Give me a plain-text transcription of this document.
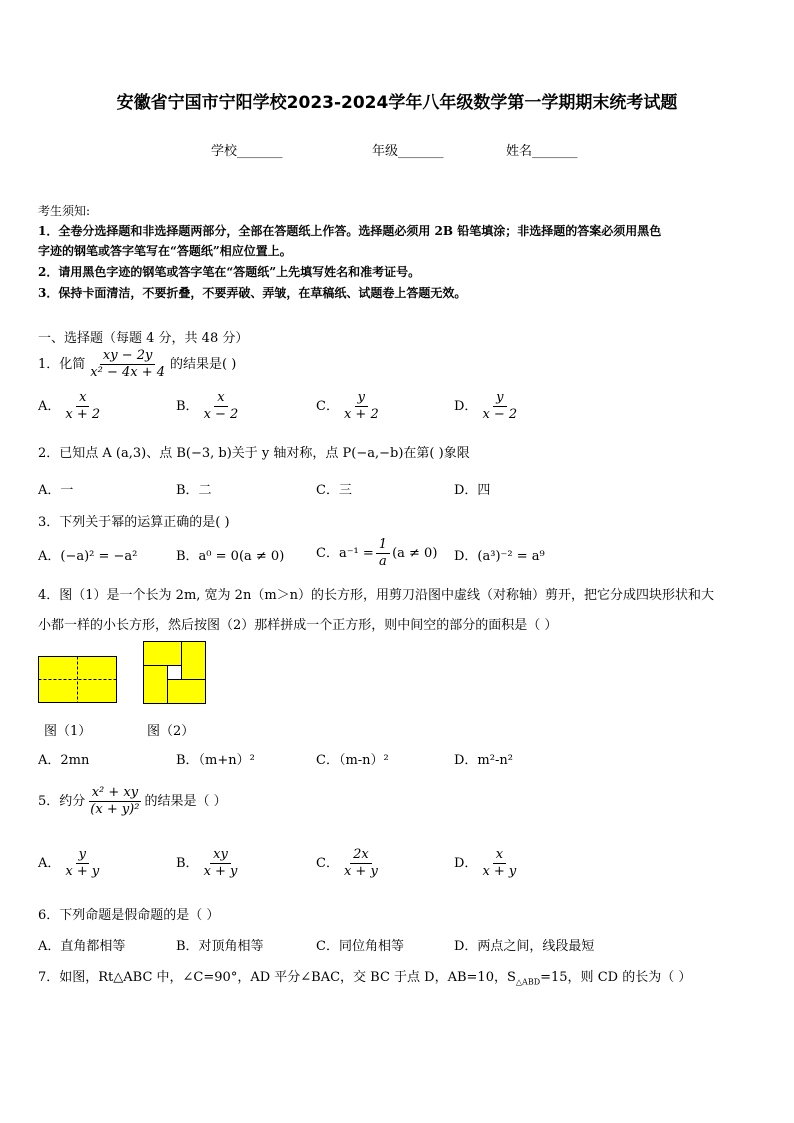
安徽省宁国市宁阳学校2023-2024学年八年级数学第一学期期末统考试题
学校_______	年级_______	姓名_______
考生须知:
1．全卷分选择题和非选择题两部分，全部在答题纸上作答。选择题必须用 2B 铅笔填涂；非选择题的答案必须用黑色
字迹的钢笔或答字笔写在“答题纸”相应位置上。
2．请用黑色字迹的钢笔或答字笔在“答题纸”上先填写姓名和准考证号。
3．保持卡面清洁，不要折叠，不要弄破、弄皱，在草稿纸、试题卷上答题无效。
一、选择题（每题 4 分，共 48 分）
1．化简 $\frac{xy - 2y}{\text{x² − 4x + 4}}$ 的结果是( )
A． $\frac{x}{x + 2}$	B． $\frac{x}{x - 2}$	C． $\frac{y}{x + 2}$	D． $\frac{y}{x - 2}$
2．已知点 A (a,3)、点 B(−3, b)关于 y 轴对称，点 P(−a,−b)在第( )象限
A．一	B．二	C．三	D．四
3．下列关于幂的运算正确的是( )
A．(−a)² = −a²	B．a⁰ = 0(a ≠ 0) C．$a^{-1} = \frac{1}{a} (a \ne 0)$ D．(a³)⁻² = a⁹
4．图（1）是一个长为 2m, 宽为 2n（m＞n）的长方形，用剪刀沿图中虚线（对称轴）剪开，把它分成四块形状和大
小都一样的小长方形，然后按图（2）那样拼成一个正方形，则中间空的部分的面积是（ ）
图（1）	图（2）
A．2mn	B．（m+n）²	C．（m-n）²	D．m²-n²
5．约分 $\frac{\text{x² + xy}}{\text{(x + y)²}}$ 的结果是（ ）
A． $\frac{y}{x + y}$	B． $\frac{xy}{x + y}$	C． $\frac{2x}{x + y}$	D． $\frac{x}{x + y}$
6．下列命题是假命题的是（ ）
A．直角都相等	B．对顶角相等	C．同位角相等	D．两点之间，线段最短
7．如图，Rt△ABC 中，∠C=90°，AD 平分∠BAC，交 BC 于点 D，AB=10，$S_{\triangle ABD}=15$，则 CD 的长为（ ）
